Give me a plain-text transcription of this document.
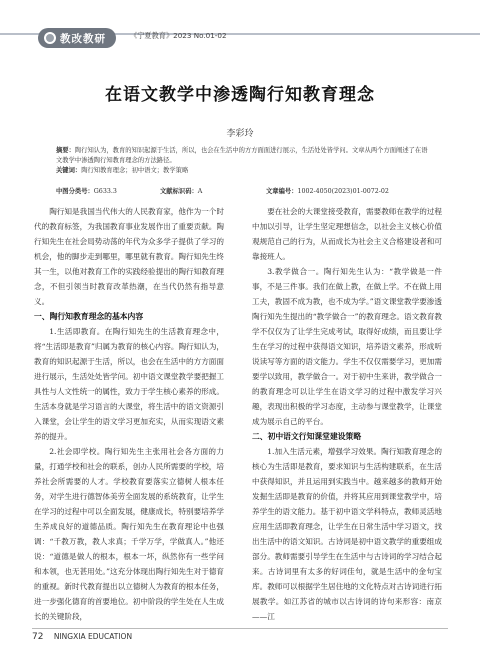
教改教研	《宁夏教育》2023 No.01-02
在语文教学中渗透陶行知教育理念
李彩玲
摘要：陶行知认为，教育的知识起源于生活，所以，也会在生活中的方方面面进行展示，生活处处皆学问。文章从两个方面阐述了在语文教学中渗透陶行知教育理念的方法路径。
关键词：陶行知教育理念；初中语文；教学策略
中图分类号：G633.3	文献标识码：A	文章编号：1002-4050(2023)01-0072-02

陶行知是我国当代伟大的人民教育家，他作为一个时代的教育标签，为我国教育事业发展作出了重要贡献。陶行知先生在社会局势动荡的年代为众多学子提供了学习的机会，他的脚步走到哪里，哪里就有教育。陶行知先生终其一生，以他对教育工作的实践经验提出的陶行知教育理念，不但引领当时教育改革热潮，在当代仍然有指导意义。

一、陶行知教育理念的基本内容

1.生活即教育。在陶行知先生的生活教育理念中，将“生活即是教育”归属为教育的核心内容。陶行知认为，教育的知识起源于生活，所以，也会在生活中的方方面面进行展示，生活处处皆学问。初中语文课堂教学要把握工具性与人文性统一的属性，致力于学生核心素养的形成。生活本身就是学习语言的大课堂，将生活中的语文资源引入课堂，会让学生的语文学习更加充实，从而实现语文素养的提升。

2.社会即学校。陶行知先生主张用社会各方面的力量，打通学校和社会的联系，创办人民所需要的学校，培养社会所需要的人才。学校教育要落实立德树人根本任务，对学生进行德智体美劳全面发展的系统教育，让学生在学习的过程中可以全面发展，健康成长，特别要培养学生养成良好的道德品质。陶行知先生在教育理论中也强调：“千教万教，教人求真；千学万学，学做真人。”他还说：“道德是做人的根本，根本一坏，纵然你有一些学问和本领，也无甚用处。”这充分体现出陶行知先生对于德育的重视。新时代教育提出以立德树人为教育的根本任务，进一步强化德育的首要地位。初中阶段的学生处在人生成长的关键阶段，

要在社会的大课堂接受教育，需要教师在教学的过程中加以引导，让学生坚定理想信念，以社会主义核心价值观规范自己的行为，从而成长为社会主义合格建设者和可靠接班人。

3.教学做合一。陶行知先生认为：“教学做是一件事，不是三件事。我们在做上教，在做上学。不在做上用工夫，教固不成为教，也不成为学。”语文课堂教学要渗透陶行知先生提出的“教学做合一”的教育理念。语文教育教学不仅仅为了让学生完成考试，取得好成绩，而且要让学生在学习的过程中获得语文知识，培养语文素养，形成听说读写等方面的语文能力。学生不仅仅需要学习，更加需要学以致用，教学做合一。对于初中生来讲，教学做合一的教育理念可以让学生在语文学习的过程中激发学习兴趣，表现出积极的学习态度，主动参与课堂教学，让课堂成为展示自己的平台。

二、初中语文行知课堂建设策略

1.加入生活元素，增强学习效果。陶行知教育理念的核心为生活即是教育，要求知识与生活构建联系，在生活中获得知识，并且运用到实践当中。越来越多的教师开始发掘生活即是教育的价值，并将其应用到课堂教学中，培养学生的语文能力。基于初中语文学科特点，教师灵活地应用生活即教育理念，让学生在日常生活中学习语文，找出生活中的语文知识。古诗词是初中语文教学的重要组成部分。教师需要引导学生在生活中与古诗词的学习结合起来。古诗词里有太多的好词佳句，就是生活中的金句宝库。教师可以根据学生居住地的文化特点对古诗词进行拓展教学。如江苏省的城市以古诗词的诗句来形容：南京——江

72 NINGXIA EDUCATION
